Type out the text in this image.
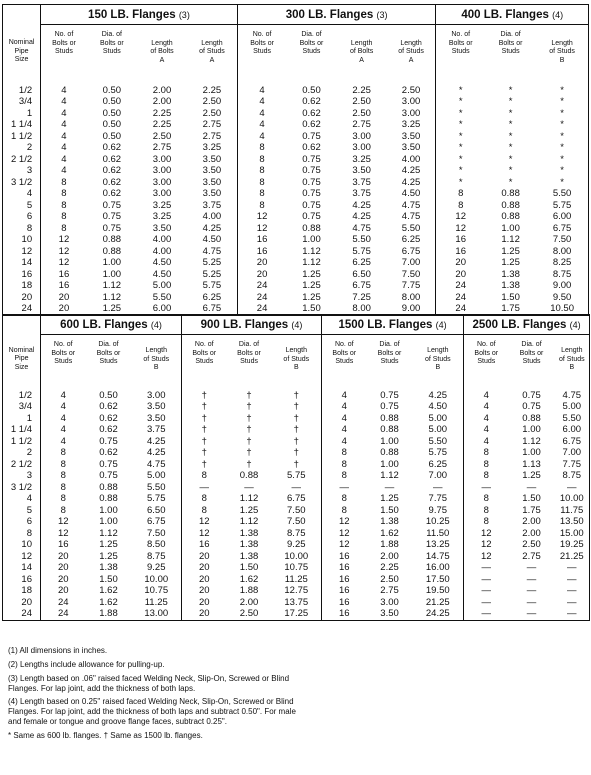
	150 LB. Flanges (3)				300 LB. Flanges (3)				400 LB. Flanges (4)		
Nominal
Pipe
Size	No. of
Bolts or
Studs	Dia. of
Bolts or
Studs	Length
of Bolts
A	Length
of Studs
A	No. of
Bolts or
Studs	Dia. of
Bolts or
Studs	Length
of Bolts
A	Length
of Studs
A	No. of
Bolts or
Studs	Dia. of
Bolts or
Studs	Length
of Studs
B

1/2	4	0.50	2.00	2.25	4	0.50	2.25	2.50	*	*	*
3/4	4	0.50	2.00	2.50	4	0.62	2.50	3.00	*	*	*
1	4	0.50	2.25	2.50	4	0.62	2.50	3.00	*	*	*
1 1/4	4	0.50	2.25	2.75	4	0.62	2.75	3.25	*	*	*
1 1/2	4	0.50	2.50	2.75	4	0.75	3.00	3.50	*	*	*
2	4	0.62	2.75	3.25	8	0.62	3.00	3.50	*	*	*
2 1/2	4	0.62	3.00	3.50	8	0.75	3.25	4.00	*	*	*
3	4	0.62	3.00	3.50	8	0.75	3.50	4.25	*	*	*
3 1/2	8	0.62	3.00	3.50	8	0.75	3.75	4.25	*	*	*
4	8	0.62	3.00	3.50	8	0.75	3.75	4.50	8	0.88	5.50
5	8	0.75	3.25	3.75	8	0.75	4.25	4.75	8	0.88	5.75
6	8	0.75	3.25	4.00	12	0.75	4.25	4.75	12	0.88	6.00
8	8	0.75	3.50	4.25	12	0.88	4.75	5.50	12	1.00	6.75
10	12	0.88	4.00	4.50	16	1.00	5.50	6.25	16	1.12	7.50
12	12	0.88	4.00	4.75	16	1.12	5.75	6.75	16	1.25	8.00
14	12	1.00	4.50	5.25	20	1.12	6.25	7.00	20	1.25	8.25
16	16	1.00	4.50	5.25	20	1.25	6.50	7.50	20	1.38	8.75
18	16	1.12	5.00	5.75	24	1.25	6.75	7.75	24	1.38	9.00
20	20	1.12	5.50	6.25	24	1.25	7.25	8.00	24	1.50	9.50
24	20	1.25	6.00	6.75	24	1.50	8.00	9.00	24	1.75	10.50
	600 LB. Flanges (4)			900 LB. Flanges (4)			1500 LB. Flanges (4)			2500 LB. Flanges (4)		
Nominal
Pipe
Size	No. of
Bolts or
Studs	Dia. of
Bolts or
Studs	Length
of Studs
B	No. of
Bolts or
Studs	Dia. of
Bolts or
Studs	Length
of Studs
B	No. of
Bolts or
Studs	Dia. of
Bolts or
Studs	Length
of Studs
B	No. of
Bolts or
Studs	Dia. of
Bolts or
Studs	Length
of Studs
B

1/2	4	0.50	3.00	†	†	†	4	0.75	4.25	4	0.75	4.75
3/4	4	0.62	3.50	†	†	†	4	0.75	4.50	4	0.75	5.00
1	4	0.62	3.50	†	†	†	4	0.88	5.00	4	0.88	5.50
1 1/4	4	0.62	3.75	†	†	†	4	0.88	5.00	4	1.00	6.00
1 1/2	4	0.75	4.25	†	†	†	4	1.00	5.50	4	1.12	6.75
2	8	0.62	4.25	†	†	†	8	0.88	5.75	8	1.00	7.00
2 1/2	8	0.75	4.75	†	†	†	8	1.00	6.25	8	1.13	7.75
3	8	0.75	5.00	8	0.88	5.75	8	1.12	7.00	8	1.25	8.75
3 1/2	8	0.88	5.50	—	—	—	—	—	—	—	—	—
4	8	0.88	5.75	8	1.12	6.75	8	1.25	7.75	8	1.50	10.00
5	8	1.00	6.50	8	1.25	7.50	8	1.50	9.75	8	1.75	11.75
6	12	1.00	6.75	12	1.12	7.50	12	1.38	10.25	8	2.00	13.50
8	12	1.12	7.50	12	1.38	8.75	12	1.62	11.50	12	2.00	15.00
10	16	1.25	8.50	16	1.38	9.25	12	1.88	13.25	12	2.50	19.25
12	20	1.25	8.75	20	1.38	10.00	16	2.00	14.75	12	2.75	21.25
14	20	1.38	9.25	20	1.50	10.75	16	2.25	16.00	—	—	—
16	20	1.50	10.00	20	1.62	11.25	16	2.50	17.50	—	—	—
18	20	1.62	10.75	20	1.88	12.75	16	2.75	19.50	—	—	—
20	24	1.62	11.25	20	2.00	13.75	16	3.00	21.25	—	—	—
24	24	1.88	13.00	20	2.50	17.25	16	3.50	24.25	—	—	—

(1) All dimensions in inches.

(2) Lengths include allowance for pulling-up.

(3) Length based on .06" raised faced Welding Neck, Slip-On, Screwed or Blind Flanges. For lap joint, add the thickness of both laps.

(4) Length based on 0.25" raised faced Welding Neck, Slip-On, Screwed or Blind Flanges. For lap joint, add the thickness of both laps and subtract 0.50". For male and female or tongue and groove flange faces, subtract 0.25".

* Same as 600 lb. flanges. † Same as 1500 lb. flanges.
